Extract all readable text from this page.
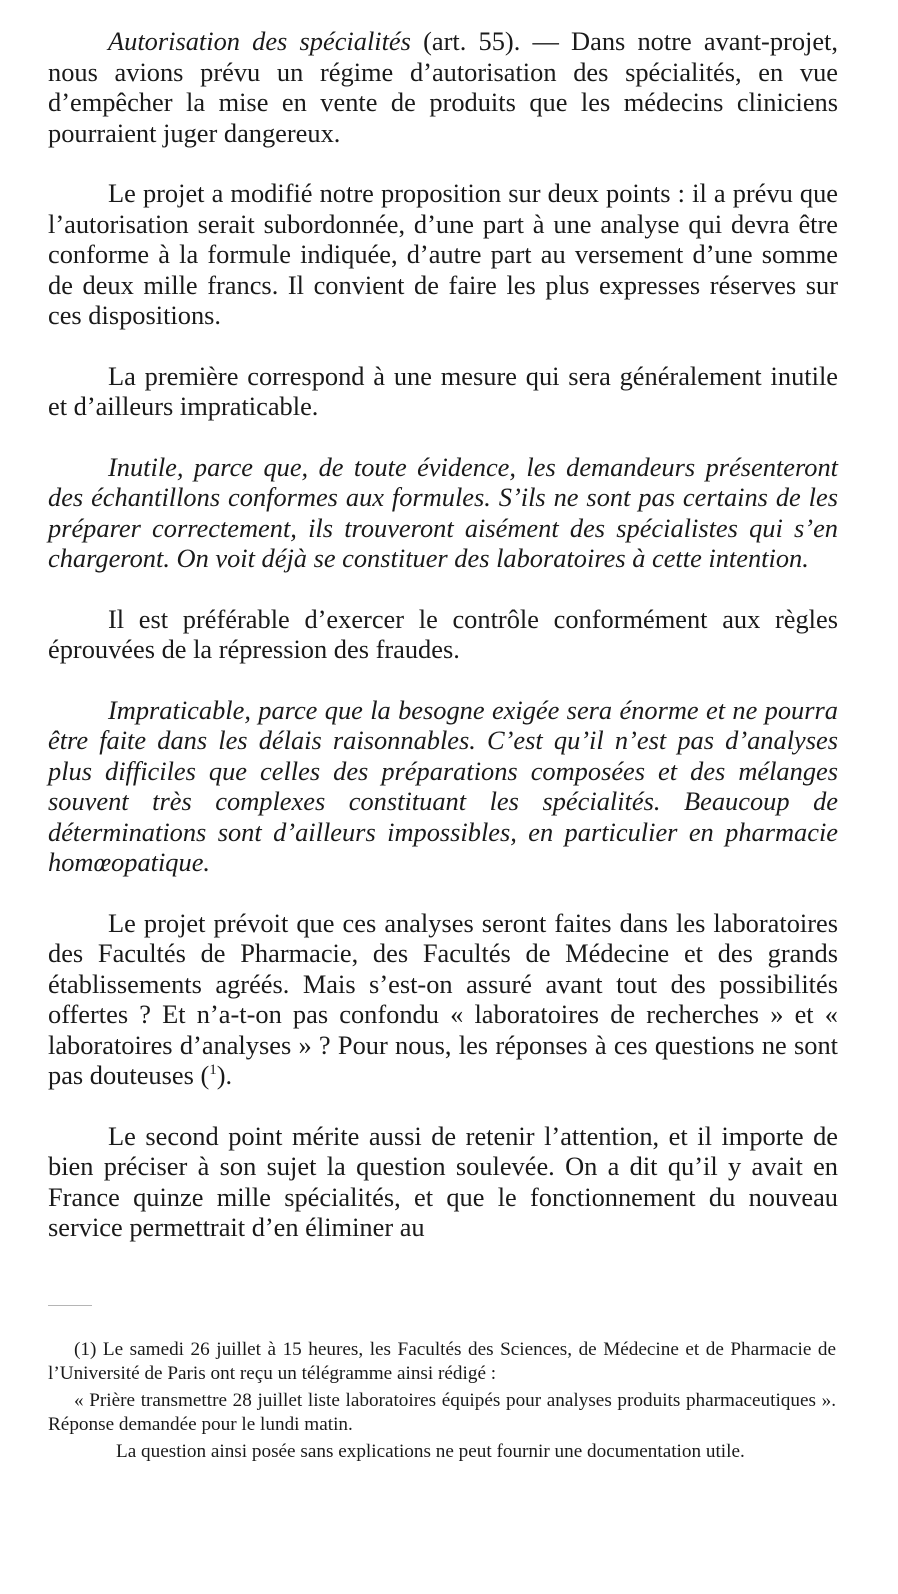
Autorisation des spécialités (art. 55). — Dans notre avant-projet, nous avions prévu un régime d’autorisation des spécialités, en vue d’empêcher la mise en vente de produits que les médecins cliniciens pourraient juger dangereux.

Le projet a modifié notre proposition sur deux points : il a prévu que l’autorisation serait subordonnée, d’une part à une analyse qui devra être conforme à la formule indiquée, d’autre part au versement d’une somme de deux mille francs. Il convient de faire les plus expresses réserves sur ces dispositions.

La première correspond à une mesure qui sera généralement inutile et d’ailleurs impraticable.

Inutile, parce que, de toute évidence, les demandeurs présenteront des échantillons conformes aux formules. S’ils ne sont pas certains de les préparer correctement, ils trouveront aisément des spécialistes qui s’en chargeront. On voit déjà se constituer des laboratoires à cette intention.

Il est préférable d’exercer le contrôle conformément aux règles éprouvées de la répression des fraudes.

Impraticable, parce que la besogne exigée sera énorme et ne pourra être faite dans les délais raisonnables. C’est qu’il n’est pas d’analyses plus difficiles que celles des préparations composées et des mélanges souvent très complexes constituant les spécialités. Beaucoup de déterminations sont d’ailleurs impossibles, en particulier en pharmacie homœopatique.

Le projet prévoit que ces analyses seront faites dans les laboratoires des Facultés de Pharmacie, des Facultés de Médecine et des grands établissements agréés. Mais s’est-on assuré avant tout des possibilités offertes ? Et n’a-t-on pas confondu « laboratoires de recherches » et « laboratoires d’analyses » ? Pour nous, les réponses à ces questions ne sont pas douteuses ($^1$).

Le second point mérite aussi de retenir l’attention, et il importe de bien préciser à son sujet la question soulevée. On a dit qu’il y avait en France quinze mille spécialités, et que le fonctionnement du nouveau service permettrait d’en éliminer au

(1) Le samedi 26 juillet à 15 heures, les Facultés des Sciences, de Médecine et de Pharmacie de l’Université de Paris ont reçu un télégramme ainsi rédigé :

« Prière transmettre 28 juillet liste laboratoires équipés pour analyses produits pharmaceutiques ». Réponse demandée pour le lundi matin.

La question ainsi posée sans explications ne peut fournir une documentation utile.
